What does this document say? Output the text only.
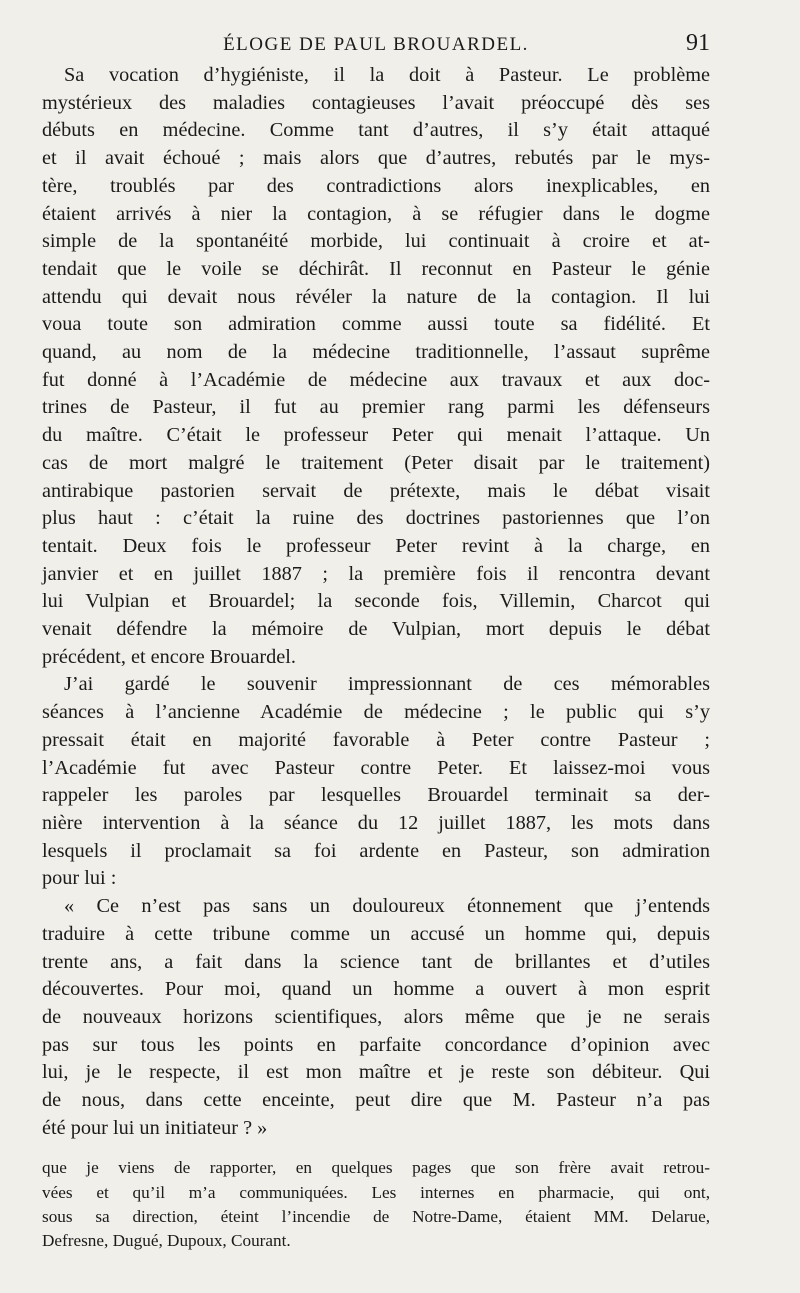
ÉLOGE DE PAUL BROUARDEL.	91
Sa vocation d’hygiéniste, il la doit à Pasteur. Le problème
mystérieux des maladies contagieuses l’avait préoccupé dès ses
débuts en médecine. Comme tant d’autres, il s’y était attaqué
et il avait échoué ; mais alors que d’autres, rebutés par le mys-
tère, troublés par des contradictions alors inexplicables, en
étaient arrivés à nier la contagion, à se réfugier dans le dogme
simple de la spontanéité morbide, lui continuait à croire et at-
tendait que le voile se déchirât. Il reconnut en Pasteur le génie
attendu qui devait nous révéler la nature de la contagion. Il lui
voua toute son admiration comme aussi toute sa fidélité. Et
quand, au nom de la médecine traditionnelle, l’assaut suprême
fut donné à l’Académie de médecine aux travaux et aux doc-
trines de Pasteur, il fut au premier rang parmi les défenseurs
du maître. C’était le professeur Peter qui menait l’attaque. Un
cas de mort malgré le traitement (Peter disait par le traitement)
antirabique pastorien servait de prétexte, mais le débat visait
plus haut : c’était la ruine des doctrines pastoriennes que l’on
tentait. Deux fois le professeur Peter revint à la charge, en
janvier et en juillet 1887 ; la première fois il rencontra devant
lui Vulpian et Brouardel; la seconde fois, Villemin, Charcot qui
venait défendre la mémoire de Vulpian, mort depuis le débat
précédent, et encore Brouardel.
J’ai gardé le souvenir impressionnant de ces mémorables
séances à l’ancienne Académie de médecine ; le public qui s’y
pressait était en majorité favorable à Peter contre Pasteur ;
l’Académie fut avec Pasteur contre Peter. Et laissez-moi vous
rappeler les paroles par lesquelles Brouardel terminait sa der-
nière intervention à la séance du 12 juillet 1887, les mots dans
lesquels il proclamait sa foi ardente en Pasteur, son admiration
pour lui :
« Ce n’est pas sans un douloureux étonnement que j’entends
traduire à cette tribune comme un accusé un homme qui, depuis
trente ans, a fait dans la science tant de brillantes et d’utiles
découvertes. Pour moi, quand un homme a ouvert à mon esprit
de nouveaux horizons scientifiques, alors même que je ne serais
pas sur tous les points en parfaite concordance d’opinion avec
lui, je le respecte, il est mon maître et je reste son débiteur. Qui
de nous, dans cette enceinte, peut dire que M. Pasteur n’a pas
été pour lui un initiateur ? »
que je viens de rapporter, en quelques pages que son frère avait retrou-
vées et qu’il m’a communiquées. Les internes en pharmacie, qui ont,
sous sa direction, éteint l’incendie de Notre-Dame, étaient MM. Delarue,
Defresne, Dugué, Dupoux, Courant.
